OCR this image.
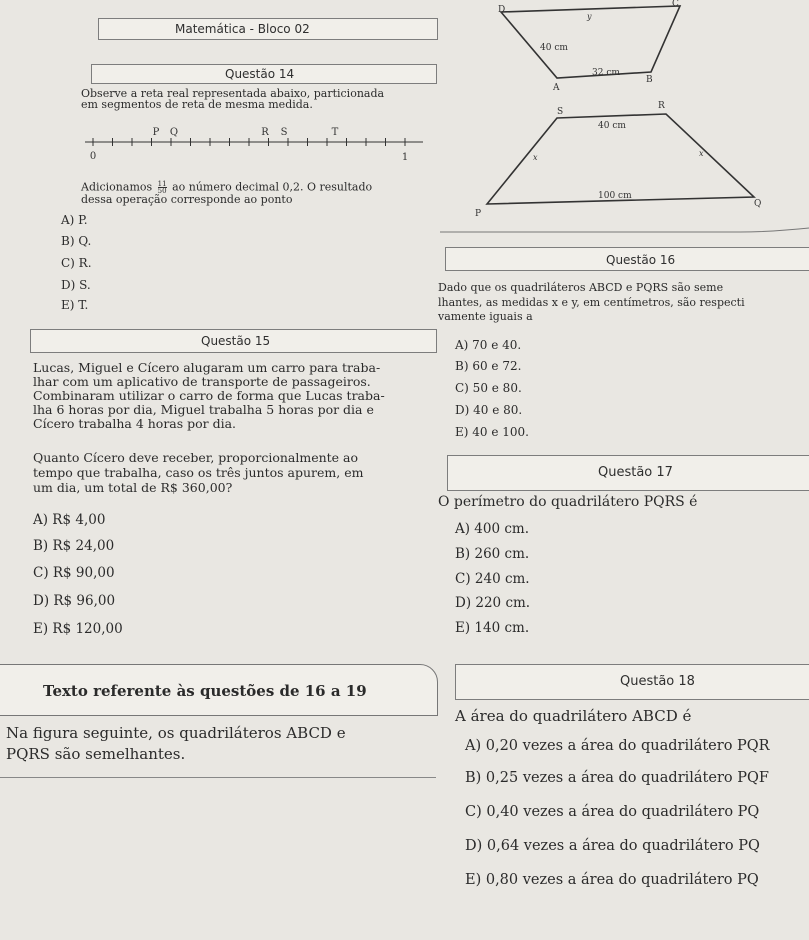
Matemática - Bloco 02
Questão 14
Observe a reta real representada abaixo, particionada
em segmentos de reta de mesma medida.
P Q	R S	T
0	1
Adicionamos $\frac{11}{50}$ ao número decimal 0,2. O resultado
dessa operação corresponde ao ponto
A) P.
B) Q.
C) R.
D) S.
E) T.
D
C
y
40 cm
32 cm
A
B
S
R
40 cm
x	x
100 cm
P
Q
Questão 16
Dado que os quadriláteros ABCD e PQRS são seme
lhantes, as medidas x e y, em centímetros, são respecti
vamente iguais a
A) 70 e 40.
B) 60 e 72.
C) 50 e 80.
D) 40 e 80.
E) 40 e 100.
Questão 15
Lucas, Miguel e Cícero alugaram um carro para traba-
lhar com um aplicativo de transporte de passageiros.
Combinaram utilizar o carro de forma que Lucas traba-
lha 6 horas por dia, Miguel trabalha 5 horas por dia e
Cícero trabalha 4 horas por dia.
Quanto Cícero deve receber, proporcionalmente ao
tempo que trabalha, caso os três juntos apurem, em
um dia, um total de R$ 360,00?
A) R$ 4,00
B) R$ 24,00
C) R$ 90,00
D) R$ 96,00
E) R$ 120,00
Questão 17
O perímetro do quadrilátero PQRS é
A) 400 cm.
B) 260 cm.
C) 240 cm.
D) 220 cm.
E) 140 cm.
Texto referente às questões de 16 a 19
Na figura seguinte, os quadriláteros ABCD e
PQRS são semelhantes.
Questão 18
A área do quadrilátero ABCD é
A) 0,20 vezes a área do quadrilátero PQR
B) 0,25 vezes a área do quadrilátero PQF
C) 0,40 vezes a área do quadrilátero PQ
D) 0,64 vezes a área do quadrilátero PQ
E) 0,80 vezes a área do quadrilátero PQ
